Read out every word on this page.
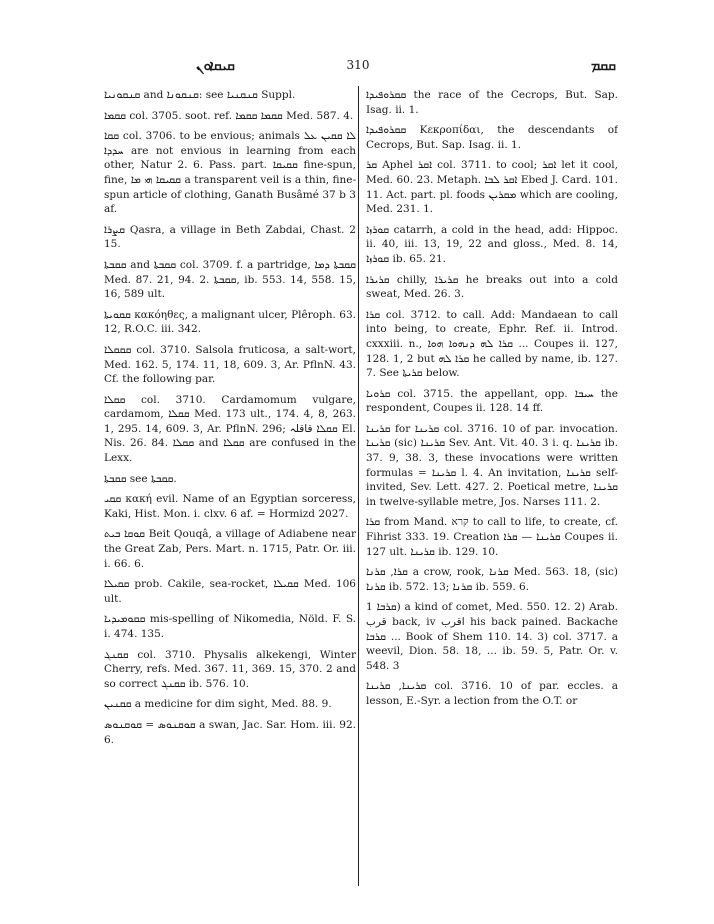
ܩܝܩܐܘܢ	310	ܩܩܡ

ܩܢܩܘܢܝܐ and ܩܢܩܘܢܐ: see ܩܢܩܢܝܐ Suppl.

ܩܩܡܐ col. 3705. soot. ref. ܩܩܡܐ ܩܩܡܐ Med. 587. 4.

ܩܩܐ col. 3706. to be envious; animals ܠܐ ܩܩܝܢ ܥܠ ܚܕܕܐ are not envious in learning from each other, Natur 2. 6. Pass. part. ܩܩܝܩܐ fine-spun, fine, ܩܩܝܩܐ ܗܝ ܡܐ a transparent veil is a thin, fine-spun article of clothing, Ganath Busâmé 37 b 3 af.

ܩܨܪܐ Qasra, a village in Beth Zabdai, Chast. 2 15.

ܩܩܒܬܐ and ܩܩܒܬܐ col. 3709. f. a partridge, ܩܩܒܬܐ ܕܡܐ Med. 87. 21, 94. 2. ܩܩܒܬܐ, ib. 553. 14, 558. 15, 16, 589 ult.

ܩܩܘܝܬܐ κακόηθες, a malignant ulcer, Plêroph. 63. 12, R.O.C. iii. 342.

ܩܩܩܠܐ col. 3710. Salsola fruticosa, a salt-wort, Med. 162. 5, 174. 11, 18, 609. 3, Ar. PflnN. 43. Cf. the following par.

ܩܩܠܐ col. 3710. Cardamomum vulgare, cardamom, ܩܩܠܐ Med. 173 ult., 174. 4, 8, 263. 1, 295. 14, 609. 3, Ar. PflnN. 296; ܩܩܠܐ قاقلہ El. Nis. 26. 84. ܩܩܠܐ and ܩܩܠܐ are confused in the Lexx.

ܩܩܒܬܐ see ܩܩܒܬܐ.

ܩܩܝ κακή evil. Name of an Egyptian sorceress, Kaki, Hist. Mon. i. clxv. 6 af. = Hormizd 2027.

ܩܘܩܐ ܒܝܬ Beit Qouqâ, a village of Adiabene near the Great Zab, Pers. Mart. n. 1715, Patr. Or. iii. i. 66. 6.

ܩܩܝܠܐ prob. Cakile, sea-rocket, ܩܩܝܠܐ Med. 106 ult.

ܩܩܘܡܝܕܝܐ mis-spelling of Nikomedia, Nöld. F. S. i. 474. 135.

ܩܩܢܓ col. 3710. Physalis alkekengi, Winter Cherry, refs. Med. 367. 11, 369. 15, 370. 2 and so correct ܩܩܢܓ ib. 576. 10.

ܩܩܢܝܢ a medicine for dim sight, Med. 88. 9.

ܩܘܩܢܘܣ = ܩܘܩܢܘܣ a swan, Jac. Sar. Hom. iii. 92. 6.

ܩܩܪܘܦܝܕܐ the race of the Cecrops, But. Sap. Isag. ii. 1.

ܩܩܪܘܦܝܕܐ Κεκροπίδαι, the descendants of Cecrops, But. Sap. Isag. ii. 1.

ܩܪ Aphel ܐܩܪ col. 3711. to cool; ܐܩܪ let it cool, Med. 60. 23. Metaph. ܐܩܪ ܠܒܐ Ebed J. Card. 101. 11. Act. part. pl. foods ܡܩܪܝܢ which are cooling, Med. 231. 1.

ܩܘܪܙܐ catarrh, a cold in the head, add: Hippoc. ii. 40, iii. 13, 19, 22 and gloss., Med. 8. 14, ܩܘܪܙܐ ib. 65. 21.

ܩܪܝܪܐ chilly, ܩܪܝܪܐ he breaks out into a cold sweat, Med. 26. 3.

ܩܪܐ col. 3712. to call. Add: Mandaean to call into being, to create, Ephr. Ref. ii. Introd. cxxxiii. n., ܩܪܐ ܠܗ ܕܢܗܘܐ ܗܘܐ ... Coupes ii. 127, 128. 1, 2 but ܩܪܐ ܠܗ he called by name, ib. 127. 7. See ܩܪܝܬܐ below.

ܩܪܘܝܐ col. 3715. the appellant, opp. ܚܝܒܐ the respondent, Coupes ii. 128. 14 ff.

ܩܪܝܢܐ for ܩܪܝܢܐ col. 3716. 10 of par. invocation. ܩܪܝܢܐ (sic) ܩܪܝܢܐ Sev. Ant. Vit. 40. 3 i. q. ܩܪܝܢܐ ib. 37. 9, 38. 3, these invocations were written formulas = ܩܪܝܢܐ l. 4. An invitation, ܩܪܝܢܐ self-invited, Sev. Lett. 427. 2. Poetical metre, ܩܪܝܢܐ in twelve-syllable metre, Jos. Narses 111. 2.

ܩܪܐ from Mand. קרא to call to life, to create, cf. Fihrist 333. 19. Creation ܩܪܝܢܐ — ܩܪܐ Coupes ii. 127 ult. ܩܪܝܢܐ ib. 129. 10.

ܩܪܐ, ܩܪܢܐ a crow, rook, ܩܪܢܐ Med. 563. 18, (sic) ܩܪܢܐ ib. 572. 13; ܩܪܢܐ ib. 559. 6.

ܩܪܒܐ 1) a kind of comet, Med. 550. 12. 2) Arab. قرب back, iv اقرب his back pained. Backache ܩܪܒܐ ... Book of Shem 110. 14. 3) col. 3717. a weevil, Dion. 58. 18, ... ib. 59. 5, Patr. Or. v. 548. 3

ܩܪܝܢܐ, ܩܪܝܢܐ col. 3716. 10 of par. eccles. a lesson, E.-Syr. a lection from the O.T. or
